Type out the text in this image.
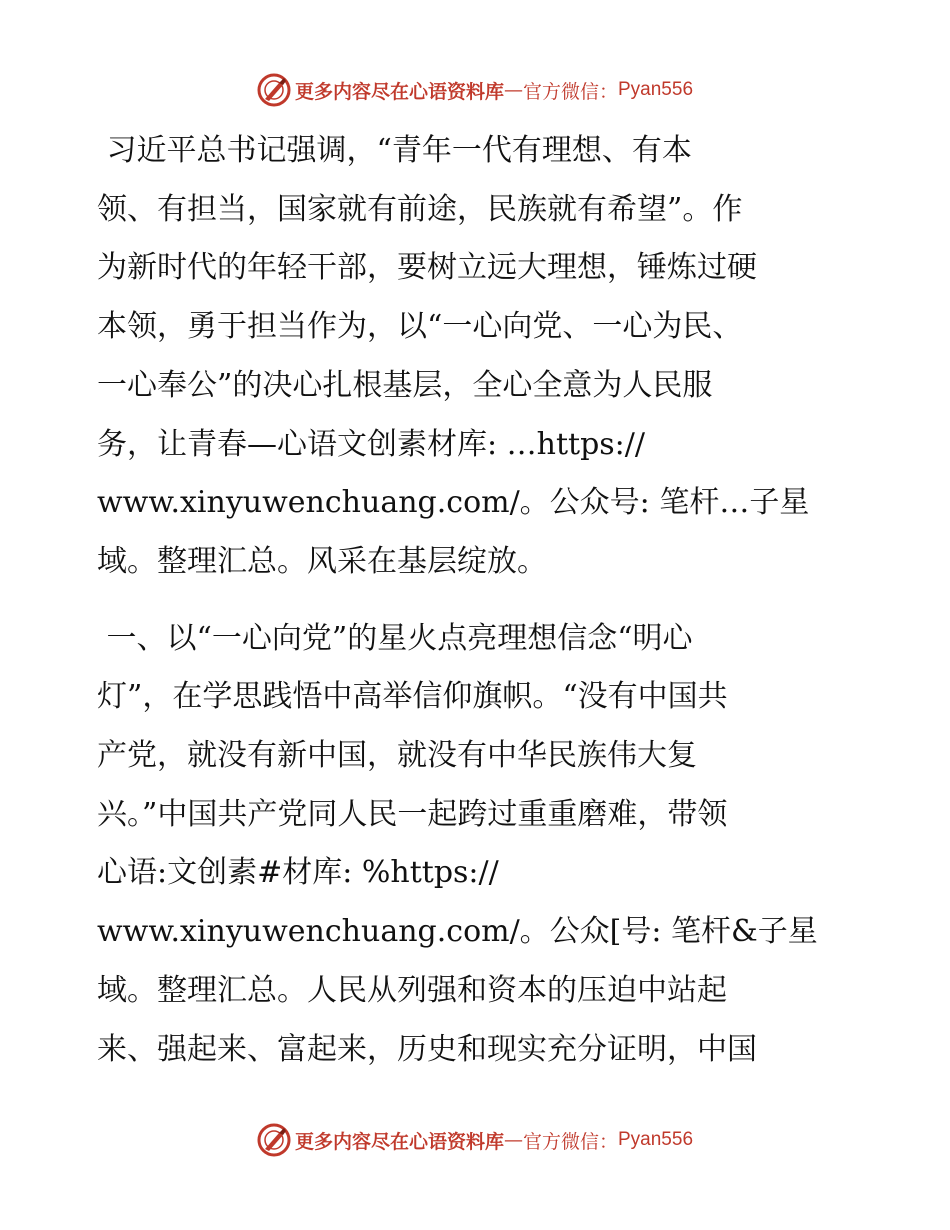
更多内容尽在心语资料库 — 官方微信： Pyan556

习近平总书记强调，“青年一代有理想、有本

领、有担当，国家就有前途，民族就有希望”。作

为新时代的年轻干部，要树立远大理想，锤炼过硬

本领，勇于担当作为，以“一心向党、一心为民、

一心奉公”的决心扎根基层，全心全意为人民服

务，让青春—心语文创素材库: …https://

www.xinyuwenchuang.com/。公众号: 笔杆…子星

域。整理汇总。风采在基层绽放。

一、以“一心向党”的星火点亮理想信念“明心

灯”，在学思践悟中高举信仰旗帜。“没有中国共

产党，就没有新中国，就没有中华民族伟大复

兴。”中国共产党同人民一起跨过重重磨难，带领

心语:文创素#材库: %https://

www.xinyuwenchuang.com/。公众[号: 笔杆&子星

域。整理汇总。人民从列强和资本的压迫中站起

来、强起来、富起来，历史和现实充分证明，中国

更多内容尽在心语资料库 — 官方微信： Pyan556
